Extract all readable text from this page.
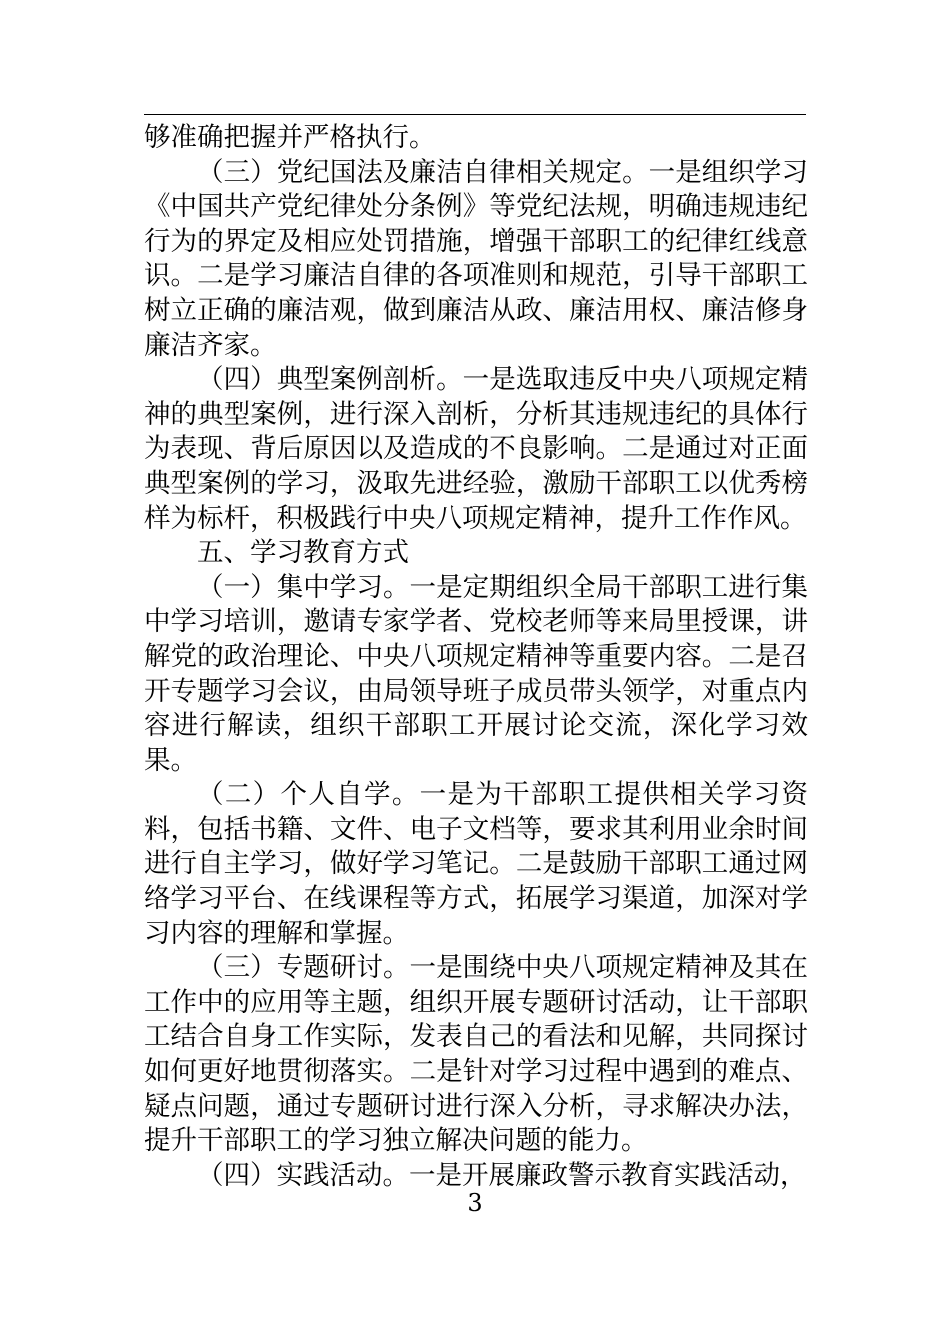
够准确把握并严格执行。

（三）党纪国法及廉洁自律相关规定。一是组织学习《中国共产党纪律处分条例》等党纪法规，明确违规违纪行为的界定及相应处罚措施，增强干部职工的纪律红线意识。二是学习廉洁自律的各项准则和规范，引导干部职工树立正确的廉洁观，做到廉洁从政、廉洁用权、廉洁修身廉洁齐家。

（四）典型案例剖析。一是选取违反中央八项规定精神的典型案例，进行深入剖析，分析其违规违纪的具体行为表现、背后原因以及造成的不良影响。二是通过对正面典型案例的学习，汲取先进经验，激励干部职工以优秀榜样为标杆，积极践行中央八项规定精神，提升工作作风。

五、学习教育方式

（一）集中学习。一是定期组织全局干部职工进行集中学习培训，邀请专家学者、党校老师等来局里授课，讲解党的政治理论、中央八项规定精神等重要内容。二是召开专题学习会议，由局领导班子成员带头领学，对重点内容进行解读，组织干部职工开展讨论交流，深化学习效果。

（二）个人自学。一是为干部职工提供相关学习资料，包括书籍、文件、电子文档等，要求其利用业余时间进行自主学习，做好学习笔记。二是鼓励干部职工通过网络学习平台、在线课程等方式，拓展学习渠道，加深对学习内容的理解和掌握。

（三）专题研讨。一是围绕中央八项规定精神及其在工作中的应用等主题，组织开展专题研讨活动，让干部职工结合自身工作实际，发表自己的看法和见解，共同探讨如何更好地贯彻落实。二是针对学习过程中遇到的难点、疑点问题，通过专题研讨进行深入分析，寻求解决办法，提升干部职工的学习独立解决问题的能力。

（四）实践活动。一是开展廉政警示教育实践活动，

3
